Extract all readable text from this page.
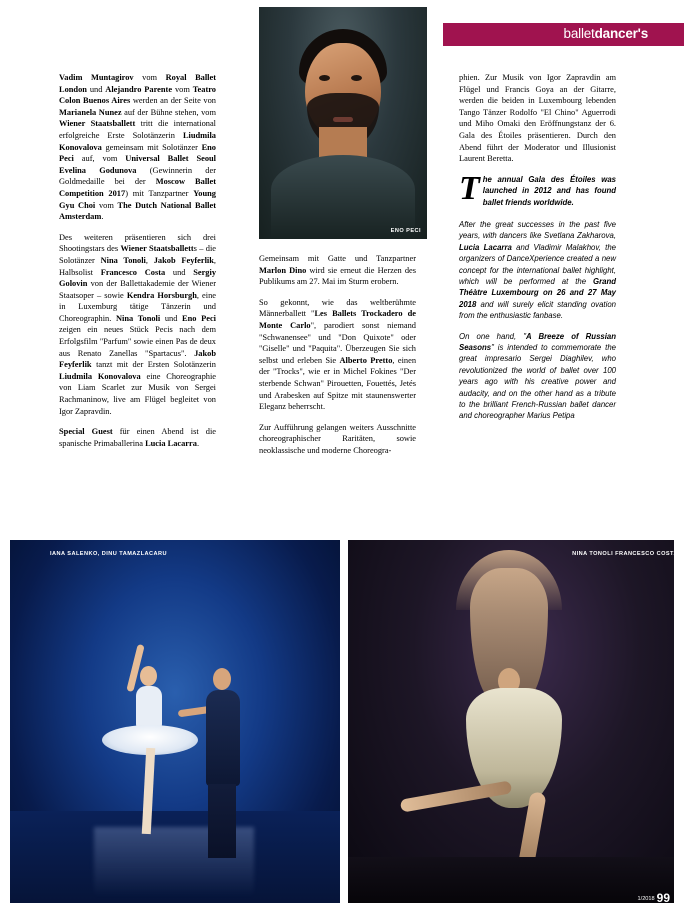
balletdancer's
ENO PECI

Vadim Muntagirov vom Royal Ballet London und Alejandro Parente vom Teatro Colon Buenos Aires werden an der Seite von Marianela Nunez auf der Bühne stehen, vom Wiener Staatsballett tritt die international erfolgreiche Erste Solotänzerin Liudmila Konovalova gemeinsam mit Solotänzer Eno Peci auf, vom Universal Ballet Seoul Evelina Godunova (Gewinnerin der Goldmedaille bei der Moscow Ballet Competition 2017) mit Tanzpartner Young Gyu Choi vom The Dutch National Ballet Amsterdam.

Des weiteren präsentieren sich drei Shootingstars des Wiener Staatsballetts – die Solotänzer Nina Tonoli, Jakob Feyferlik, Halbsolist Francesco Costa und Sergiy Golovin von der Ballettakademie der Wiener Staatsoper – sowie Kendra Horsburgh, eine in Luxemburg tätige Tänzerin und Choreographin. Nina Tonoli und Eno Peci zeigen ein neues Stück Pecis nach dem Erfolgsfilm "Parfum" sowie einen Pas de deux aus Renato Zanellas "Spartacus". Jakob Feyferlik tanzt mit der Ersten Solotänzerin Liudmila Konovalova eine Choreographie von Liam Scarlet zur Musik von Sergei Rachmaninow, live am Flügel begleitet von Igor Zapravdin.

Special Guest für einen Abend ist die spanische Primaballerina Lucia Lacarra.

Gemeinsam mit Gatte und Tanzpartner Marlon Dino wird sie erneut die Herzen des Publikums am 27. Mai im Sturm erobern.

So gekonnt, wie das weltberühmte Männerballett "Les Ballets Trockadero de Monte Carlo", parodiert sonst niemand "Schwanensee" und "Don Quixote" oder "Giselle" und "Paquita". Überzeugen Sie sich selbst und erleben Sie Alberto Pretto, einen der "Trocks", wie er in Michel Fokines "Der sterbende Schwan" Pirouetten, Fouettés, Jetés und Arabesken auf Spitze mit staunenswerter Eleganz beherrscht.

Zur Aufführung gelangen weiters Ausschnitte choreographischer Raritäten, sowie neoklassische und moderne Choreogra-

phien. Zur Musik von Igor Zapravdin am Flügel und Francis Goya an der Gitarre, werden die beiden in Luxembourg lebenden Tango Tänzer Rodolfo "El Chino" Aguerrodi und Miho Omaki den Eröffnungstanz der 6. Gala des Étoiles präsentieren. Durch den Abend führt der Moderator und Illusionist Laurent Beretta.

The annual Gala des Étoiles was launched in 2012 and has found ballet friends worldwide.

After the great successes in the past five years, with dancers like Svetlana Zakharova, Lucia Lacarra and Vladimir Malakhov, the organizers of DanceXperience created a new concept for the international ballet highlight, which will be performed at the Grand Théàtre Luxembourg on 26 and 27 May 2018 and will surely elicit standing ovation from the enthusiastic fanbase.

On one hand, "A Breeze of Russian Seasons" is intended to commemorate the great impresario Sergei Diaghilev, who revolutionized the world of ballet over 100 years ago with his creative power and audacity, and on the other hand as a tribute to the brilliant French-Russian ballet dancer and choreographer Marius Petipa

IANA SALENKO, DINU TAMAZLACARU	NINA TONOLI FRANCESCO COSTA
1/2018 99
